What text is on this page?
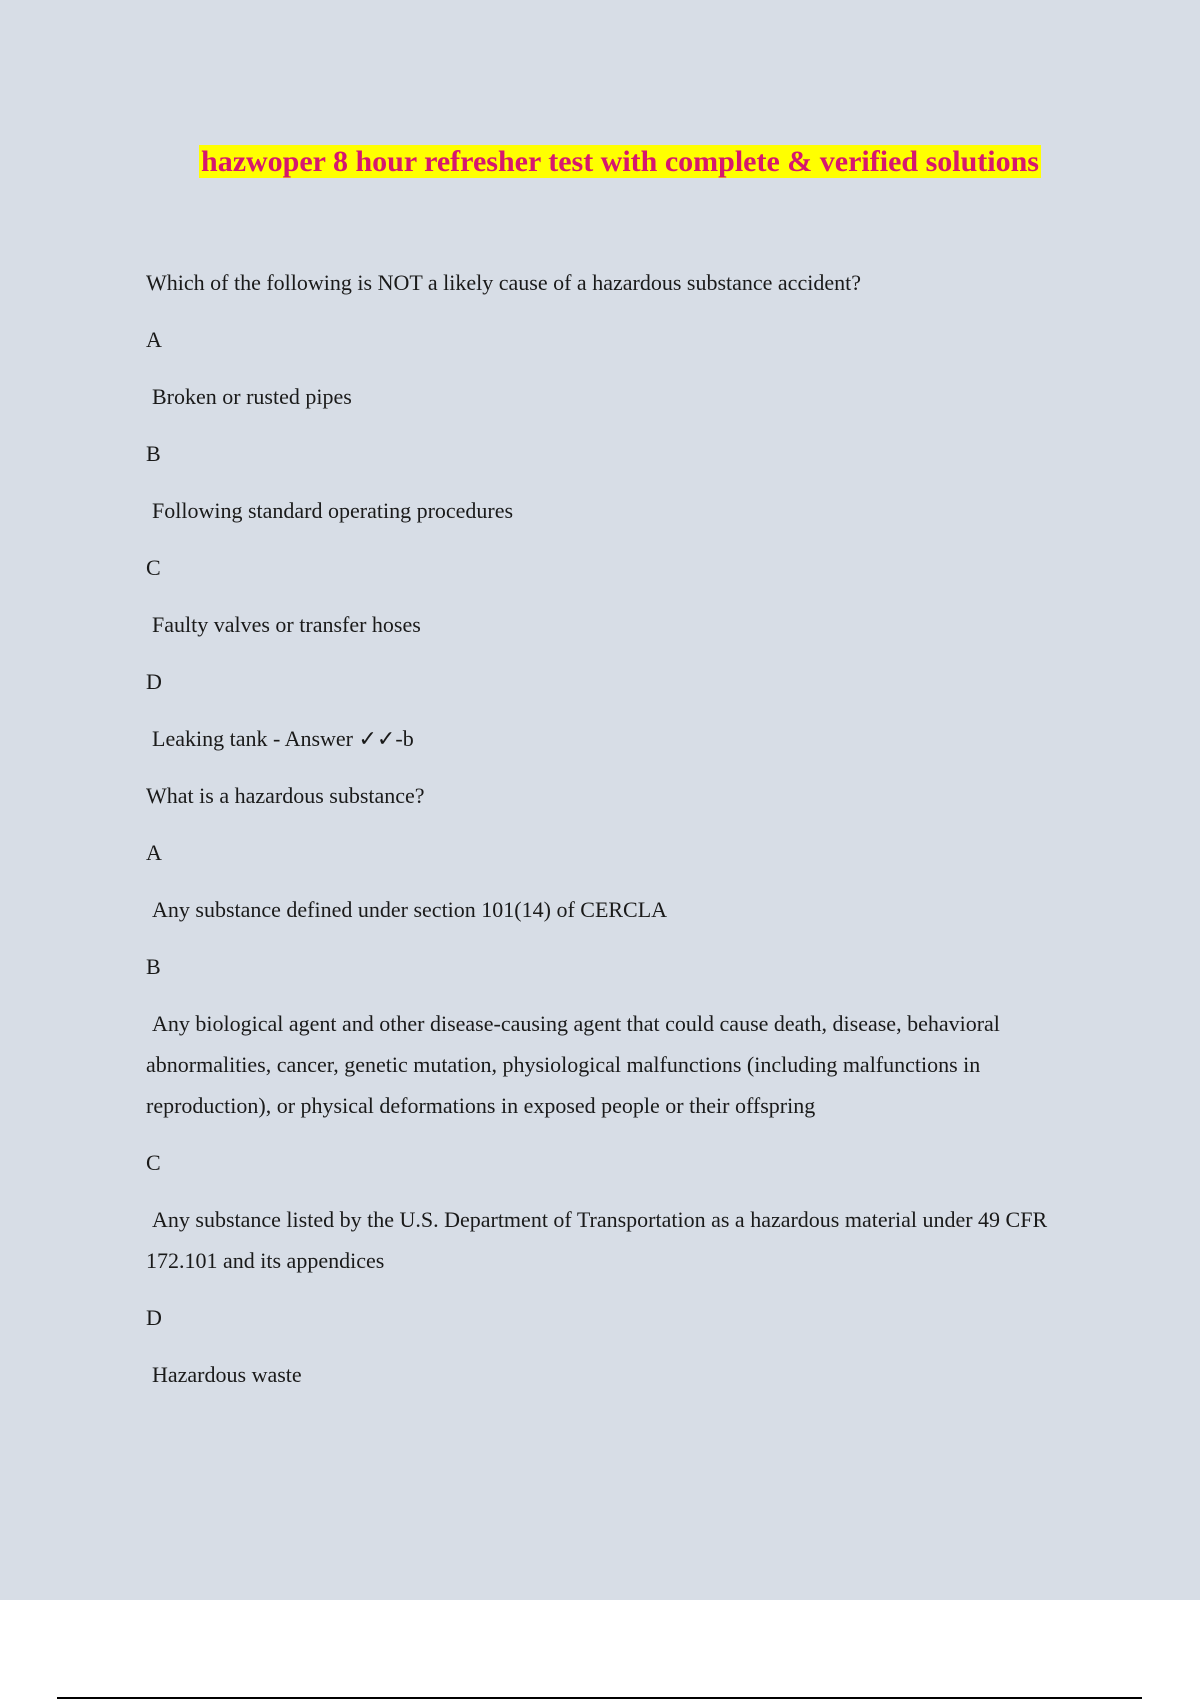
hazwoper 8 hour refresher test with complete & verified solutions

Which of the following is NOT a likely cause of a hazardous substance accident?

A

Broken or rusted pipes

B

Following standard operating procedures

C

Faulty valves or transfer hoses

D

Leaking tank - Answer ✓✓-b

What is a hazardous substance?

A

Any substance defined under section 101(14) of CERCLA

B

Any biological agent and other disease-causing agent that could cause death, disease, behavioral abnormalities, cancer, genetic mutation, physiological malfunctions (including malfunctions in reproduction), or physical deformations in exposed people or their offspring

C

Any substance listed by the U.S. Department of Transportation as a hazardous material under 49 CFR 172.101 and its appendices

D

Hazardous waste
